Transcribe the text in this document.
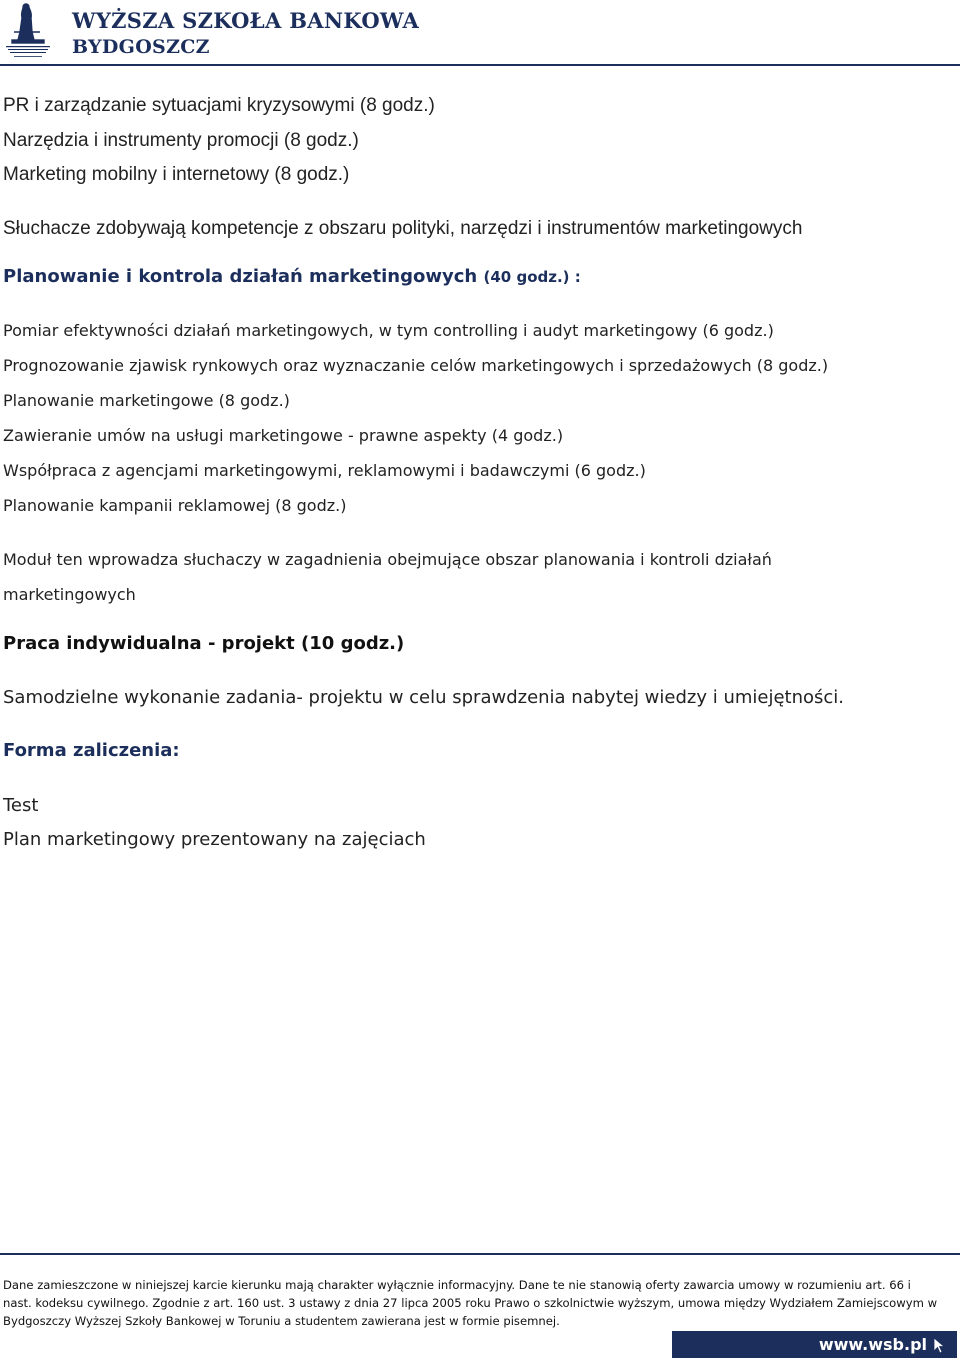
WYŻSZA SZKOŁA BANKOWA
BYDGOSZCZ
PR i zarządzanie sytuacjami kryzysowymi (8 godz.)
Narzędzia i instrumenty promocji (8 godz.)
Marketing mobilny i internetowy (8 godz.)
Słuchacze zdobywają kompetencje z obszaru polityki, narzędzi i instrumentów marketingowych
Planowanie i kontrola działań marketingowych (40 godz.) :
Pomiar efektywności działań marketingowych, w tym controlling i audyt marketingowy (6 godz.)
Prognozowanie zjawisk rynkowych oraz wyznaczanie celów marketingowych i sprzedażowych (8 godz.)
Planowanie marketingowe (8 godz.)
Zawieranie umów na usługi marketingowe - prawne aspekty (4 godz.)
Współpraca z agencjami marketingowymi, reklamowymi i badawczymi (6 godz.)
Planowanie kampanii reklamowej (8 godz.)
Moduł ten wprowadza słuchaczy w zagadnienia obejmujące obszar planowania i kontroli działań
marketingowych
Praca indywidualna - projekt (10 godz.)
Samodzielne wykonanie zadania- projektu w celu sprawdzenia nabytej wiedzy i umiejętności.
Forma zaliczenia:
Test
Plan marketingowy prezentowany na zajęciach
Dane zamieszczone w niniejszej karcie kierunku mają charakter wyłącznie informacyjny. Dane te nie stanowią oferty zawarcia umowy w rozumieniu art. 66 i nast. kodeksu cywilnego. Zgodnie z art. 160 ust. 3 ustawy z dnia 27 lipca 2005 roku Prawo o szkolnictwie wyższym, umowa między Wydziałem Zamiejscowym w Bydgoszczy Wyższej Szkoły Bankowej w Toruniu a studentem zawierana jest w formie pisemnej.
www.wsb.pl
